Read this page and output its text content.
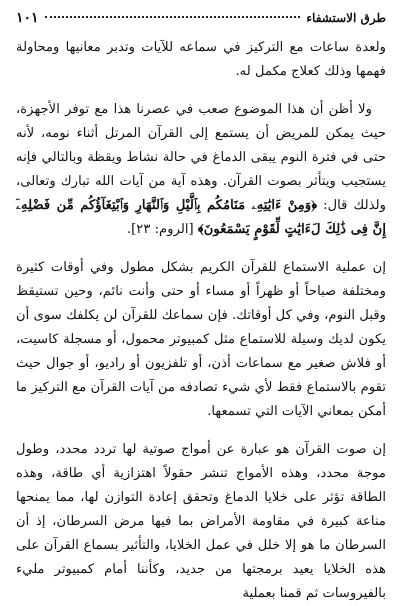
طرق الاستشفاء
١٠١

ولعدة ساعات مع التركيز في سماعه للآيات وتدبر معانيها ومحاولة فهمها وذلك كعلاج مكمل له.

ولا أظن أن هذا الموضوع صعب في عصرنا هذا مع توفر الأجهزة، حيث يمكن للمريض أن يستمع إلى القرآن المرتل أثناء نومه، لأنه حتى في فترة النوم يبقى الدماغ في حالة نشاط ويقظة وبالتالي فإنه يستجيب ويتأثر بصوت القرآن. وهذه آية من آيات الله تبارك وتعالى، ولذلك قال: ﴿وَمِنْ ءَايَٰتِهِۦ مَنَامُكُم بِٱلَّيْلِ وَٱلنَّهَارِ وَٱبْتِغَآؤُكُم مِّن فَضْلِهِۦٓ إِنَّ فِى ذَٰلِكَ لَءَايَٰتٍ لِّقَوْمٍ يَسْمَعُونَ﴾ [الروم: ٢٣].

إن عملية الاستماع للقرآن الكريم بشكل مطول وفي أوقات كثيرة ومختلفة صباحاً أو ظهراً أو مساء أو حتى وأنت نائم، وحين تستيقظ وقبل النوم، وفي كل أوقاتك. فإن سماعك للقرآن لن يكلفك سوى أن يكون لديك وسيلة للاستماع مثل كمبيوتر محمول، أو مسجلة كاسيت، أو فلاش صغير مع سماعات أذن، أو تلفزيون أو راديو، أو جوال حيث تقوم بالاستماع فقط لأي شيء تصادفه من آيات القرآن مع التركيز ما أمكن بمعاني الآيات التي تسمعها.

إن صوت القرآن هو عبارة عن أمواج صوتية لها تردد محدد، وطول موجة محدد، وهذه الأمواج تنشر حقولاً اهتزازية أي طاقة، وهذه الطاقة تؤثر على خلايا الدماغ وتحقق إعادة التوازن لها، مما يمنحها مناعة كبيرة في مقاومة الأمراض بما فيها مرض السرطان، إذ أن السرطان ما هو إلا خلل في عمل الخلايا، والتأثير بسماع القرآن على هذه الخلايا يعيد برمجتها من جديد، وكأننا أمام كمبيوتر مليء بالفيروسات ثم قمنا بعملية
